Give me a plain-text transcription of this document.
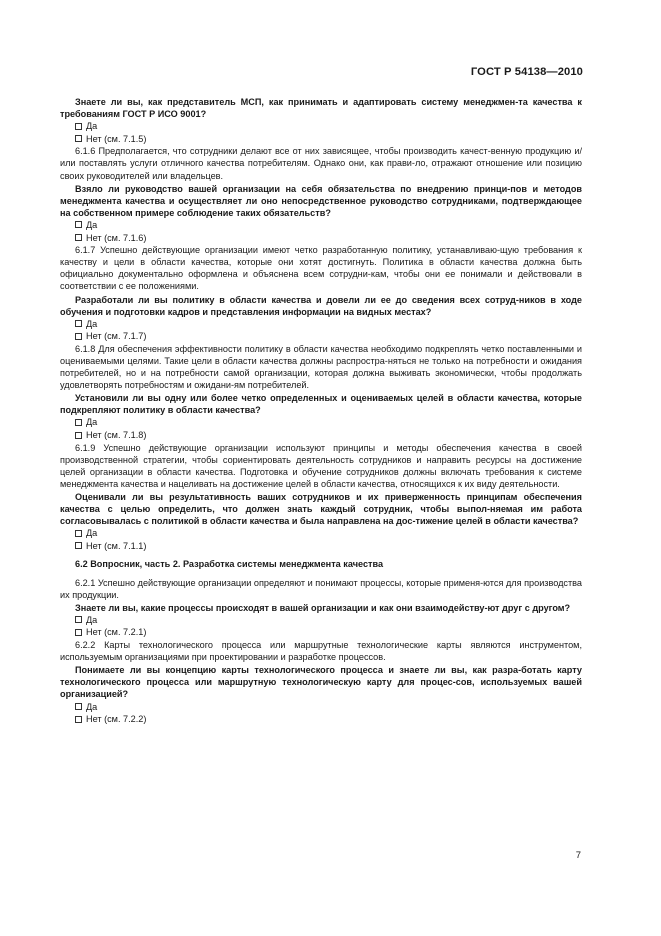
ГОСТ Р 54138—2010

Знаете ли вы, как представитель МСП, как принимать и адаптировать систему менеджмен-та качества к требованиям ГОСТ Р ИСО 9001?

Да

Нет (см. 7.1.5)

6.1.6 Предполагается, что сотрудники делают все от них зависящее, чтобы производить качест-венную продукцию и/или поставлять услуги отличного качества потребителям. Однако они, как прави-ло, отражают отношение или позицию своих руководителей или владельцев.

Взяло ли руководство вашей организации на себя обязательства по внедрению принци-пов и методов менеджмента качества и осуществляет ли оно непосредственное руководство сотрудниками, подтверждающее на собственном примере соблюдение таких обязательств?

Да

Нет (см. 7.1.6)

6.1.7 Успешно действующие организации имеют четко разработанную политику, устанавливаю-щую требования к качеству и цели в области качества, которые они хотят достигнуть. Политика в области качества должна быть официально документально оформлена и объяснена всем сотрудни-кам, чтобы они ее понимали и действовали в соответствии с ее положениями.

Разработали ли вы политику в области качества и довели ли ее до сведения всех сотруд-ников в ходе обучения и подготовки кадров и представления информации на видных местах?

Да

Нет (см. 7.1.7)

6.1.8 Для обеспечения эффективности политику в области качества необходимо подкреплять четко поставленными и оцениваемыми целями. Такие цели в области качества должны распростра-няться не только на потребности и ожидания потребителей, но и на потребности самой организации, которая должна выживать экономически, чтобы продолжать удовлетворять потребностям и ожидани-ям потребителей.

Установили ли вы одну или более четко определенных и оцениваемых целей в области качества, которые подкрепляют политику в области качества?

Да

Нет (см. 7.1.8)

6.1.9 Успешно действующие организации используют принципы и методы обеспечения качества в своей производственной стратегии, чтобы сориентировать деятельность сотрудников и направить ресурсы на достижение целей организации в области качества. Подготовка и обучение сотрудников должны включать требования к системе менеджмента качества и нацеливать на достижение целей в области качества, относящихся к их виду деятельности.

Оценивали ли вы результативность ваших сотрудников и их приверженность принципам обеспечения качества с целью определить, что должен знать каждый сотрудник, чтобы выпол-няемая им работа согласовывалась с политикой в области качества и была направлена на дос-тижение целей в области качества?

Да

Нет (см. 7.1.1)

6.2 Вопросник, часть 2. Разработка системы менеджмента качества

6.2.1 Успешно действующие организации определяют и понимают процессы, которые применя-ются для производства их продукции.

Знаете ли вы, какие процессы происходят в вашей организации и как они взаимодейству-ют друг с другом?

Да

Нет (см. 7.2.1)

6.2.2 Карты технологического процесса или маршрутные технологические карты являются инструментом, используемым организациями при проектировании и разработке процессов.

Понимаете ли вы концепцию карты технологического процесса и знаете ли вы, как разра-ботать карту технологического процесса или маршрутную технологическую карту для процес-сов, используемых вашей организацией?

Да

Нет (см. 7.2.2)

7
